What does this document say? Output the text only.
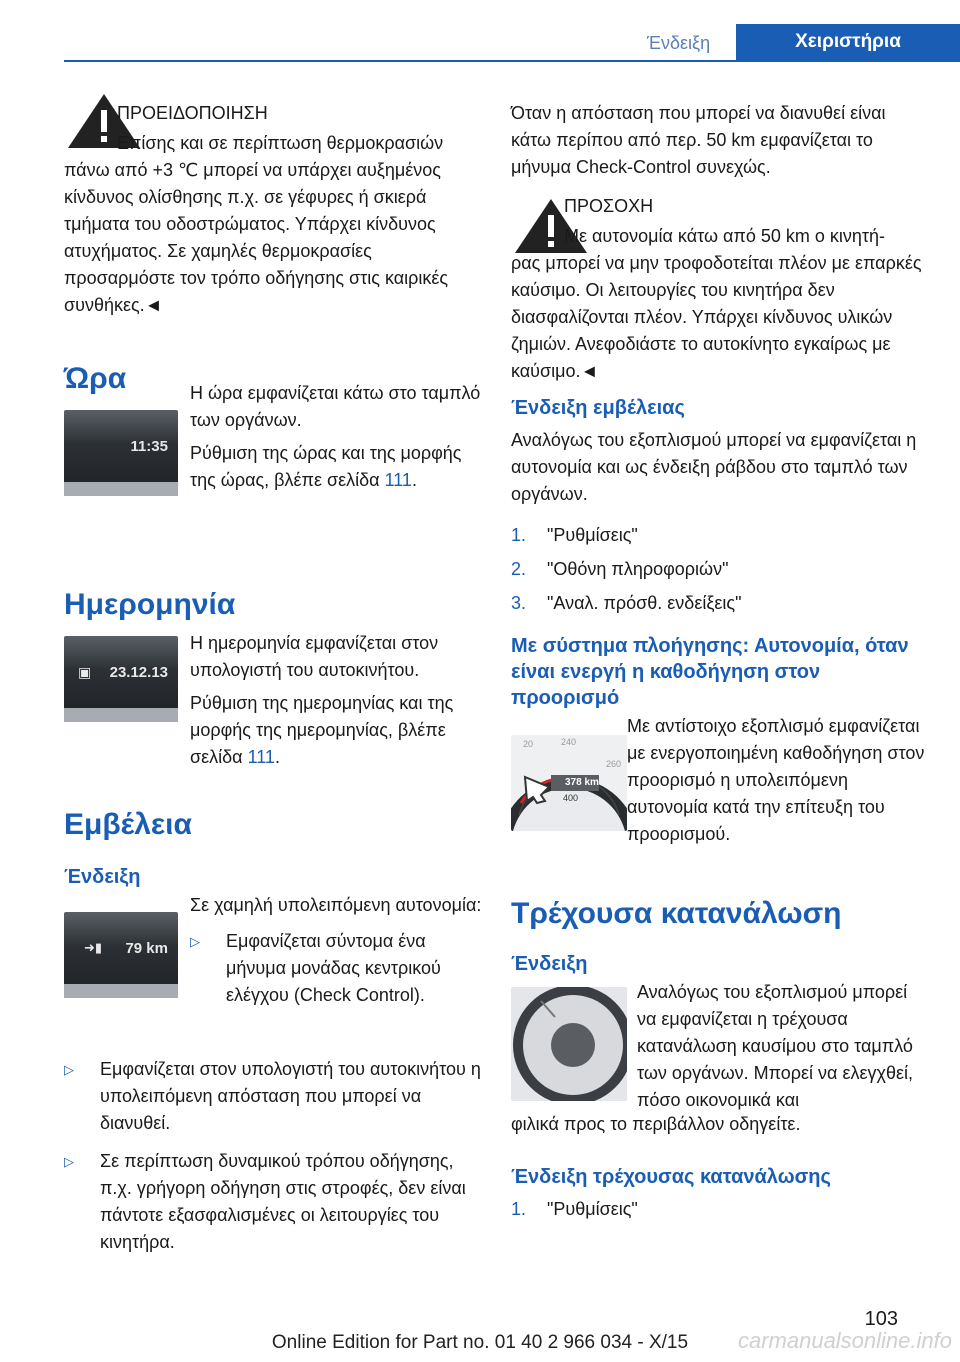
Ένδειξη	Χειριστήρια

ΠΡΟΕΙΔΟΠΟΙΗΣΗ

Επίσης και σε περίπτωση θερμοκρασιών

πάνω από +3 ℃ μπορεί να υπάρχει αυξημένος κίνδυνος ολίσθησης π.χ. σε γέφυρες ή σκιερά τμήματα του οδοστρώματος. Υπάρχει κίνδυνος ατυχήματος. Σε χαμηλές θερμοκρασίες προσαρμόστε τον τρόπο οδήγησης στις καιρικές συνθήκες.◄

Ώρα
11:35

Η ώρα εμφανίζεται κάτω στο ταμπλό των οργάνων.

Ρύθμιση της ώρας και της μορφής της ώρας, βλέπε σελίδα 111.

Ημερομηνία
▣ 23.12.13

Η ημερομηνία εμφανίζεται στον υπολογιστή του αυτοκινήτου.

Ρύθμιση της ημερομηνίας και της μορφής της ημερομηνίας, βλέπε σελίδα 111.

Εμβέλεια
Ένδειξη
➜▮ 79 km

Σε χαμηλή υπολειπόμενη αυτονομία:

▷	Εμφανίζεται σύντομα ένα μήνυμα μονάδας κεντρικού ελέγχου (Check Control).
▷	Εμφανίζεται στον υπολογιστή του αυτοκινήτου η υπολειπόμενη απόσταση που μπορεί να διανυθεί.
▷	Σε περίπτωση δυναμικού τρόπου οδήγησης, π.χ. γρήγορη οδήγηση στις στροφές, δεν είναι πάντοτε εξασφαλισμένες οι λειτουργίες του κινητήρα.

Όταν η απόσταση που μπορεί να διανυθεί είναι κάτω περίπου από περ. 50 km εμφανίζεται το μήνυμα Check-Control συνεχώς.

ΠΡΟΣΟΧΗ

Με αυτονομία κάτω από 50 km ο κινητή-

ρας μπορεί να μην τροφοδοτείται πλέον με επαρκές καύσιμο. Οι λειτουργίες του κινητήρα δεν διασφαλίζονται πλέον. Υπάρχει κίνδυνος υλικών ζημιών. Ανεφοδιάστε το αυτοκίνητο εγκαίρως με καύσιμο.◄

Ένδειξη εμβέλειας

Αναλόγως του εξοπλισμού μπορεί να εμφανίζεται η αυτονομία και ως ένδειξη ράβδου στο ταμπλό των οργάνων.

1.	"Ρυθμίσεις"
2.	"Οθόνη πληροφοριών"
3.	"Αναλ. πρόσθ. ενδείξεις"
Με σύστημα πλοήγησης: Αυτονομία, όταν είναι ενεργή η καθοδήγηση στον προορισμό
20	240
260
378 km
400

Με αντίστοιχο εξοπλισμό εμφανίζεται με ενεργοποιημένη καθοδήγηση στον προορισμό η υπολειπόμενη αυτονομία κατά την επίτευξη του προορισμού.

Τρέχουσα κατανάλωση
Ένδειξη

Αναλόγως του εξοπλισμού μπορεί να εμφανίζεται η τρέχουσα κατανάλωση καυσίμου στο ταμπλό των οργάνων. Μπορεί να ελεγχθεί, πόσο οικονομικά και

φιλικά προς το περιβάλλον οδηγείτε.

Ένδειξη τρέχουσας κατανάλωσης
1.	"Ρυθμίσεις"
103
Online Edition for Part no. 01 40 2 966 034 - X/15	carmanualsonline.info
